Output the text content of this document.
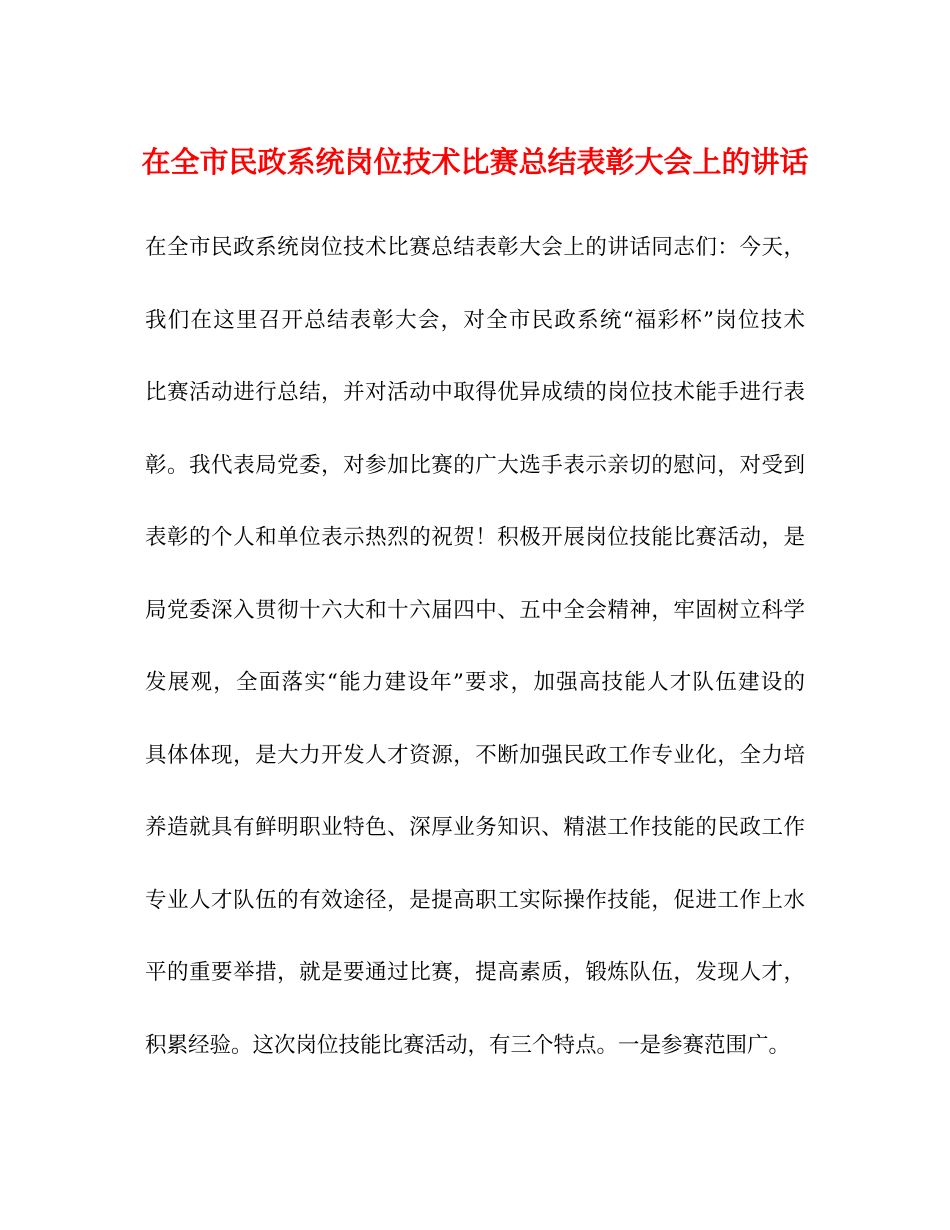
在全市民政系统岗位技术比赛总结表彰大会上的讲话
在全市民政系统岗位技术比赛总结表彰大会上的讲话同志们：今天，
我们在这里召开总结表彰大会，对全市民政系统“福彩杯”岗位技术
比赛活动进行总结，并对活动中取得优异成绩的岗位技术能手进行表
彰。我代表局党委，对参加比赛的广大选手表示亲切的慰问，对受到
表彰的个人和单位表示热烈的祝贺！积极开展岗位技能比赛活动，是
局党委深入贯彻十六大和十六届四中、五中全会精神，牢固树立科学
发展观，全面落实“能力建设年”要求，加强高技能人才队伍建设的
具体体现，是大力开发人才资源，不断加强民政工作专业化，全力培
养造就具有鲜明职业特色、深厚业务知识、精湛工作技能的民政工作
专业人才队伍的有效途径，是提高职工实际操作技能，促进工作上水
平的重要举措，就是要通过比赛，提高素质，锻炼队伍，发现人才，
积累经验。这次岗位技能比赛活动，有三个特点。一是参赛范围广。
